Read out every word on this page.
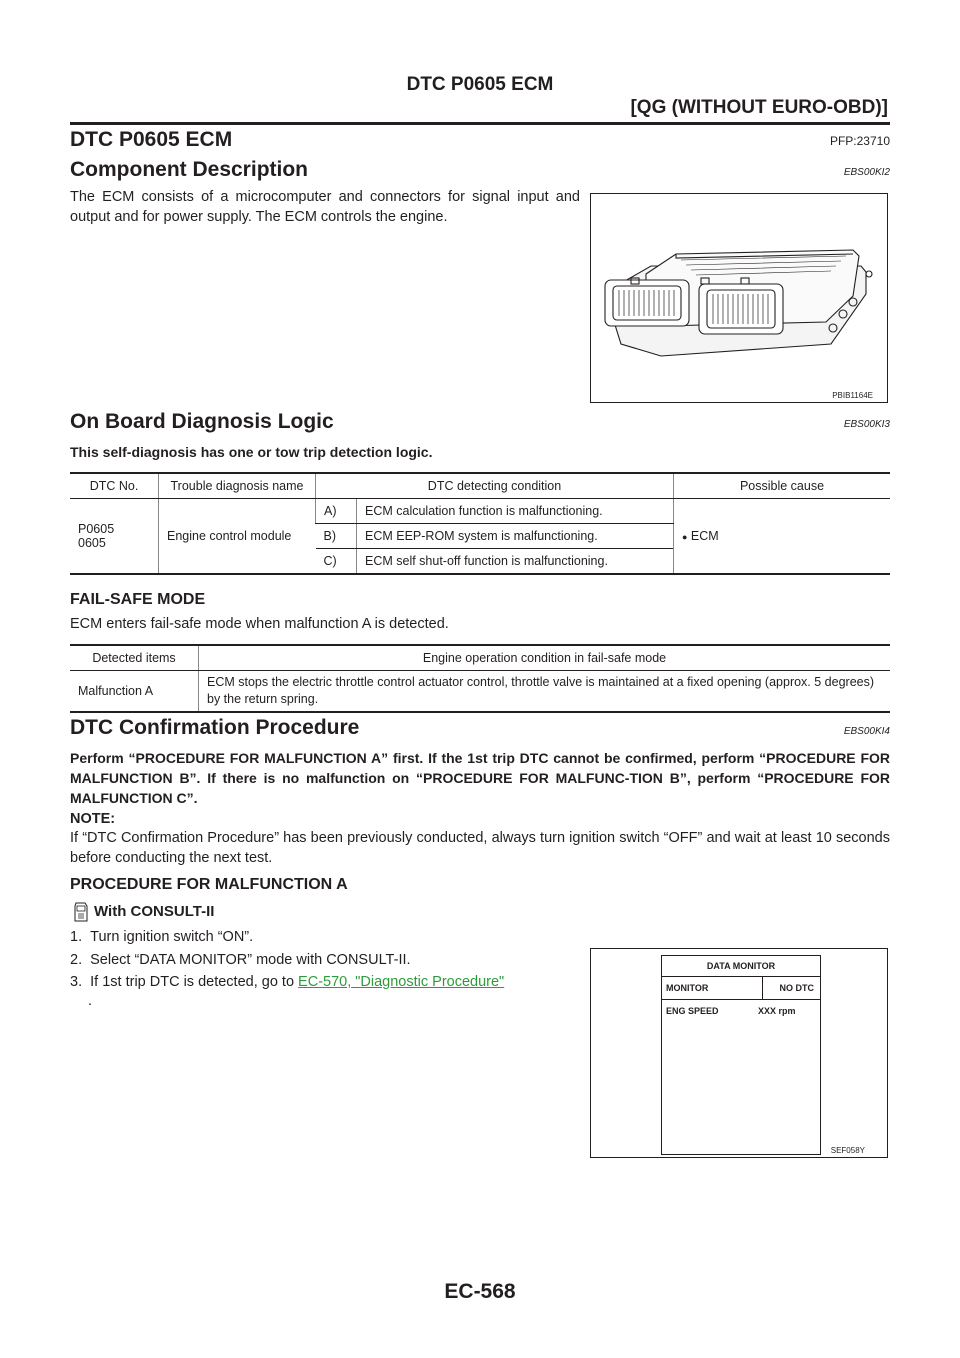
DTC P0605 ECM
[QG (WITHOUT EURO-OBD)]
DTC P0605 ECM	PFP:23710
Component Description	EBS00KI2
The ECM consists of a microcomputer and connectors for signal input and output and for power supply. The ECM controls the engine.
PBIB1164E
On Board Diagnosis Logic	EBS00KI3
This self-diagnosis has one or tow trip detection logic.
DTC No.	Trouble diagnosis name	DTC detecting condition		Possible cause

P0605
0605	Engine control module	A)	ECM calculation function is malfunctioning.	● ECM
		B)	ECM EEP-ROM system is malfunctioning.	
		C)	ECM self shut-off function is malfunctioning.	
FAIL-SAFE MODE
ECM enters fail-safe mode when malfunction A is detected.
Detected items	Engine operation condition in fail-safe mode
Malfunction A	ECM stops the electric throttle control actuator control, throttle valve is maintained at a fixed opening (approx. 5 degrees) by the return spring.
DTC Confirmation Procedure	EBS00KI4
Perform “PROCEDURE FOR MALFUNCTION A” first. If the 1st trip DTC cannot be confirmed, perform “PROCEDURE FOR MALFUNCTION B”. If there is no malfunction on “PROCEDURE FOR MALFUNC-TION B”, perform “PROCEDURE FOR MALFUNCTION C”.
NOTE:
If “DTC Confirmation Procedure” has been previously conducted, always turn ignition switch “OFF” and wait at least 10 seconds before conducting the next test.
PROCEDURE FOR MALFUNCTION A
With CONSULT-II
1. Turn ignition switch “ON”.
2. Select “DATA MONITOR” mode with CONSULT-II.
3. If 1st trip DTC is detected, go to EC-570, "Diagnostic Procedure"
.
DATA MONITOR
MONITOR	NO DTC
ENG SPEED	XXX rpm
SEF058Y
EC-568
